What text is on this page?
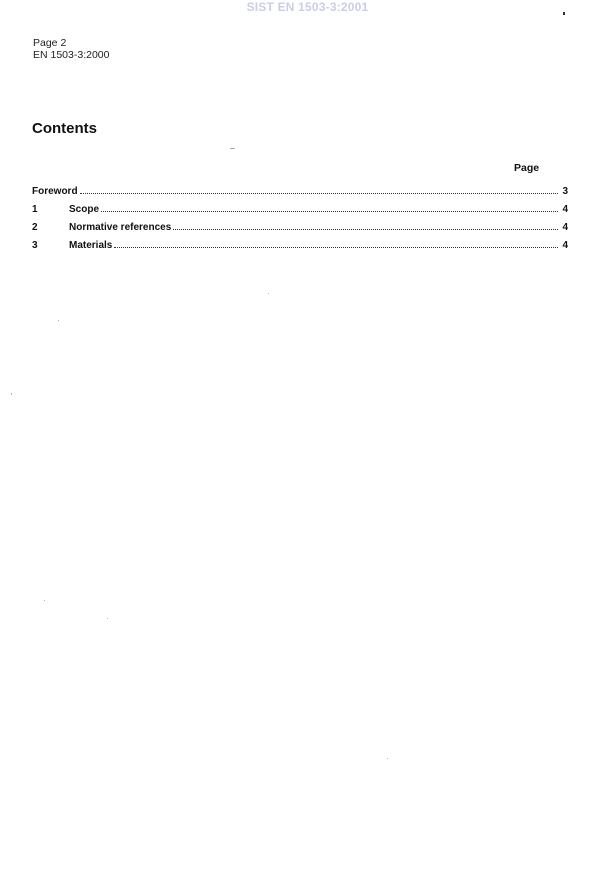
SIST EN 1503-3:2001
Page 2
EN 1503-3:2000
Contents
Page
Foreword	3
1	Scope	4
2	Normative references	4
3	Materials	4
